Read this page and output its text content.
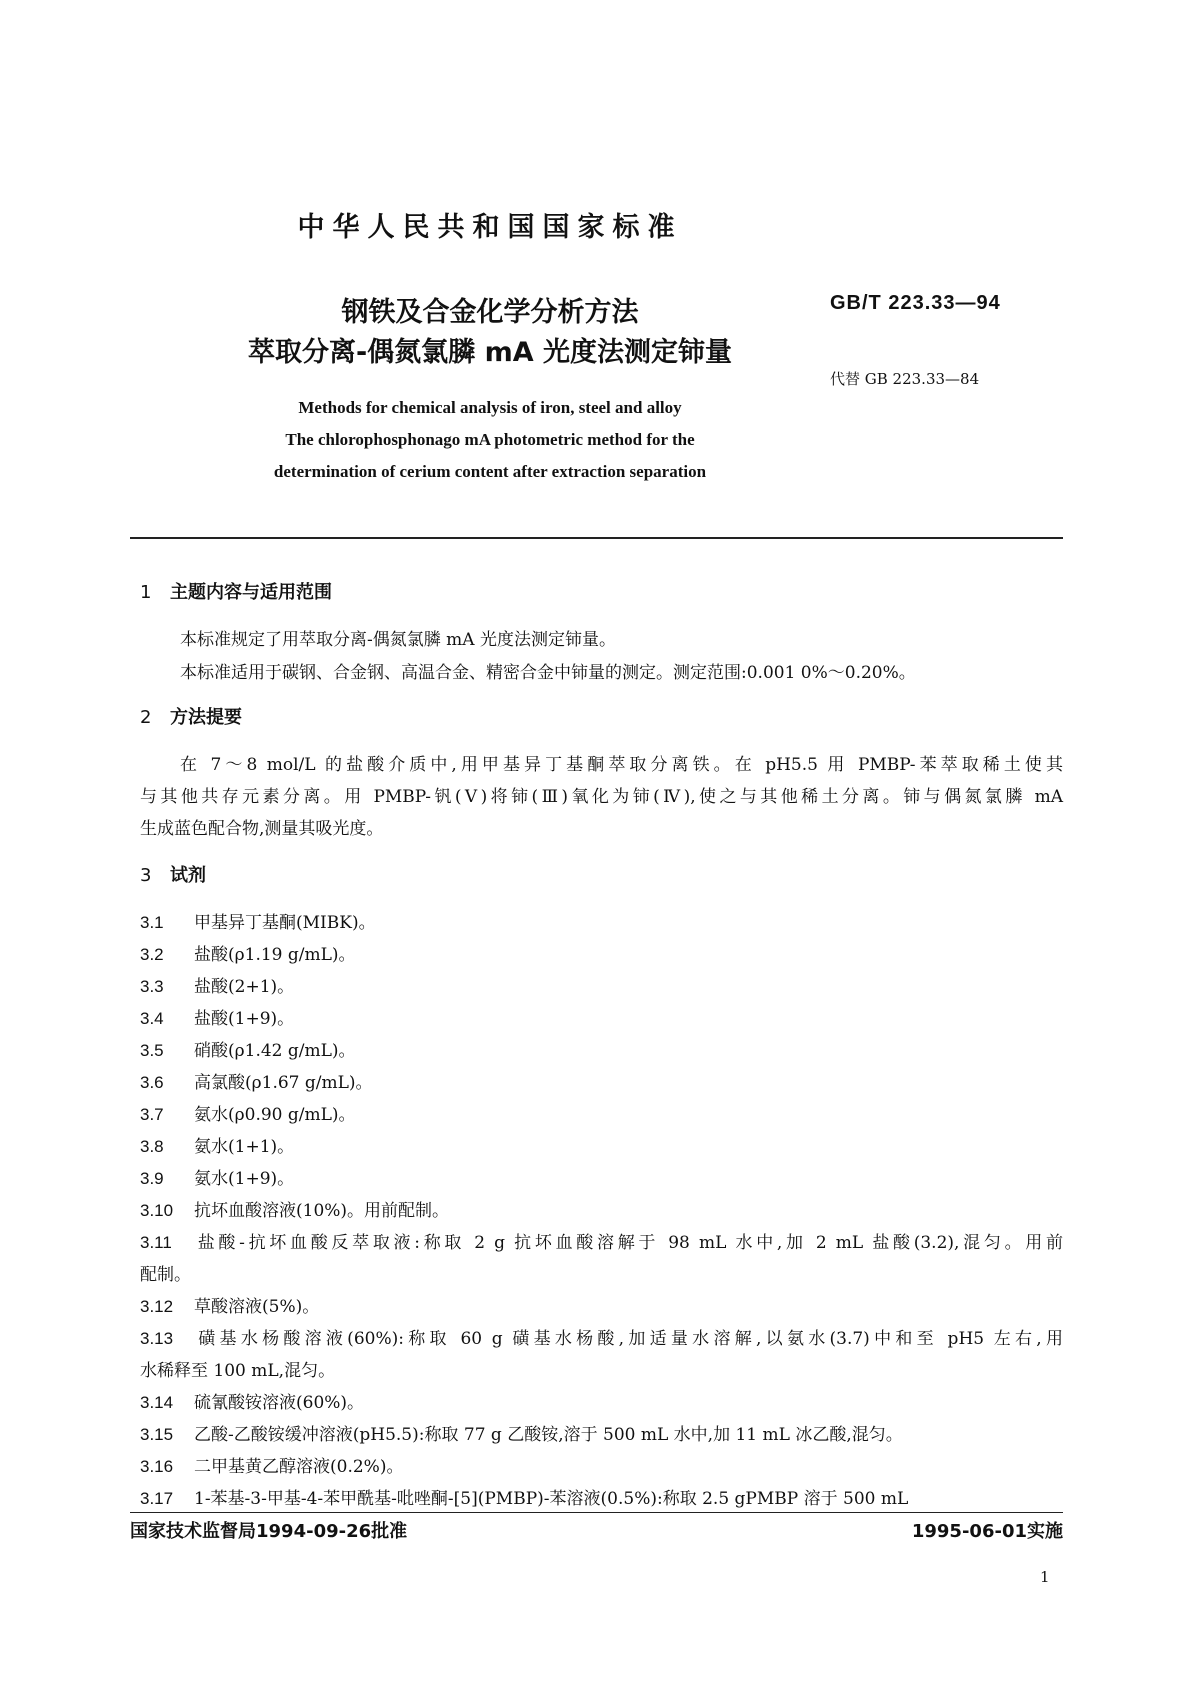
中华人民共和国国家标准
钢铁及合金化学分析方法
萃取分离-偶氮氯膦 mA 光度法测定铈量
GB/T 223.33—94
代替 GB 223.33—84
Methods for chemical analysis of iron, steel and alloy
The chlorophosphonago mA photometric method for the
determination of cerium content after extraction separation
1 主题内容与适用范围
本标准规定了用萃取分离-偶氮氯膦 mA 光度法测定铈量。
本标准适用于碳钢、合金钢、高温合金、精密合金中铈量的测定。测定范围:0.001 0%～0.20%。
2 方法提要
在 7～8 mol/L 的盐酸介质中,用甲基异丁基酮萃取分离铁。在 pH5.5 用 PMBP-苯萃取稀土使其
与其他共存元素分离。用 PMBP-钒(Ⅴ)将铈(Ⅲ)氧化为铈(Ⅳ),使之与其他稀土分离。铈与偶氮氯膦 mA
生成蓝色配合物,测量其吸光度。
3 试剂
3.1 甲基异丁基酮(MIBK)。
3.2 盐酸(ρ1.19 g/mL)。
3.3 盐酸(2+1)。
3.4 盐酸(1+9)。
3.5 硝酸(ρ1.42 g/mL)。
3.6 高氯酸(ρ1.67 g/mL)。
3.7 氨水(ρ0.90 g/mL)。
3.8 氨水(1+1)。
3.9 氨水(1+9)。
3.10 抗坏血酸溶液(10%)。用前配制。
3.11 盐酸-抗坏血酸反萃取液:称取 2 g 抗坏血酸溶解于 98 mL 水中,加 2 mL 盐酸(3.2),混匀。用前
配制。
3.12 草酸溶液(5%)。
3.13 磺基水杨酸溶液(60%):称取 60 g 磺基水杨酸,加适量水溶解,以氨水(3.7)中和至 pH5 左右,用
水稀释至 100 mL,混匀。
3.14 硫氰酸铵溶液(60%)。
3.15 乙酸-乙酸铵缓冲溶液(pH5.5):称取 77 g 乙酸铵,溶于 500 mL 水中,加 11 mL 冰乙酸,混匀。
3.16 二甲基黄乙醇溶液(0.2%)。
3.17 1-苯基-3-甲基-4-苯甲酰基-吡唑酮-[5](PMBP)-苯溶液(0.5%):称取 2.5 gPMBP 溶于 500 mL
国家技术监督局1994-09-26批准	1995-06-01实施
1
